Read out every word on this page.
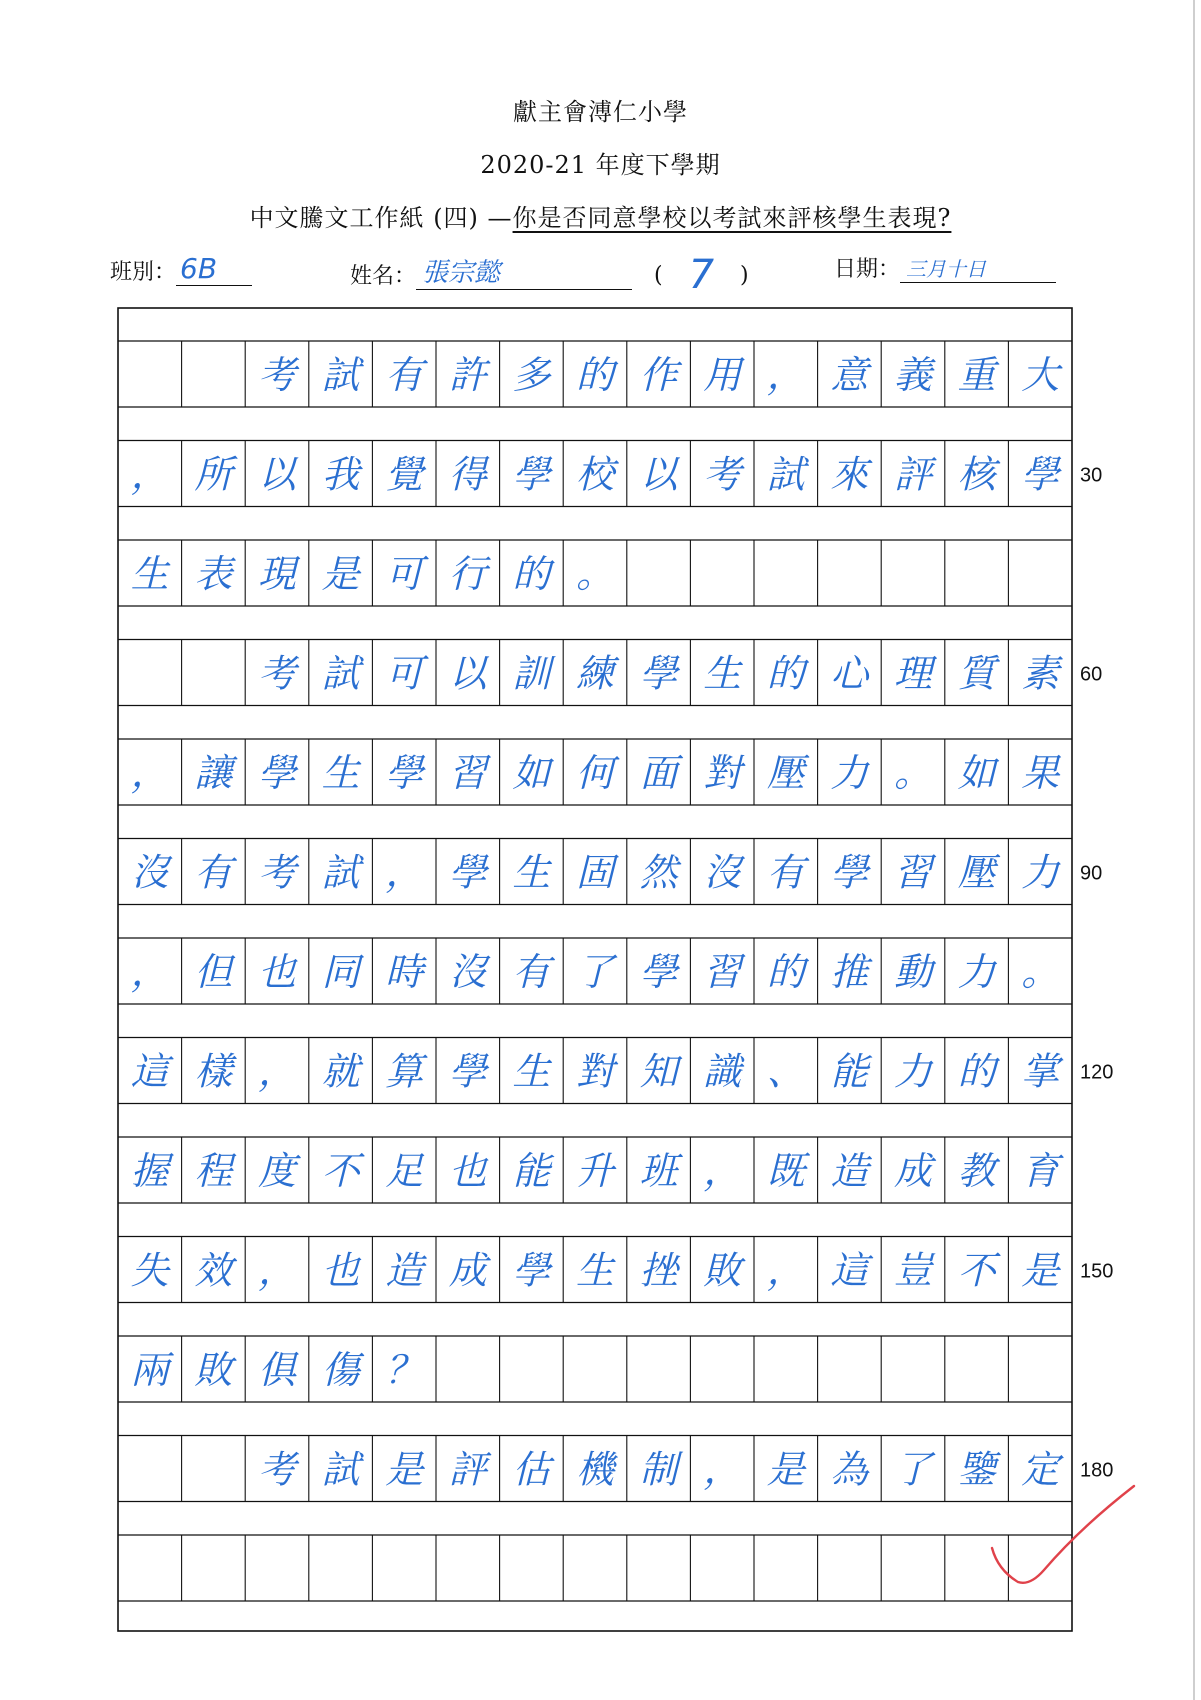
獻主會溥仁小學
2020-21 年度下學期
中文騰文工作紙 (四) —你是否同意學校以考試來評核學生表現?
班別： 6B	姓名： 張宗懿	( 7 )	日期： 三月十日
考 試 有 許 多 的 作 用 ， 意 義 重 大
， 所 以 我 覺 得 學 校 以 考 試 來 評 核 學
生 表 現 是 可 行 的 。
考 試 可 以 訓 練 學 生 的 心 理 質 素
， 讓 學 生 學 習 如 何 面 對 壓 力 。 如 果
沒 有 考 試 ， 學 生 固 然 沒 有 學 習 壓 力
， 但 也 同 時 沒 有 了 學 習 的 推 動 力 。
這 樣 ， 就 算 學 生 對 知 識 、 能 力 的 掌
握 程 度 不 足 也 能 升 班 ， 既 造 成 教 育
失 效 ， 也 造 成 學 生 挫 敗 ， 這 豈 不 是
兩 敗 俱 傷 ？
考 試 是 評 估 機 制 ， 是 為 了 鑒 定
30
60
90
120
150
180
